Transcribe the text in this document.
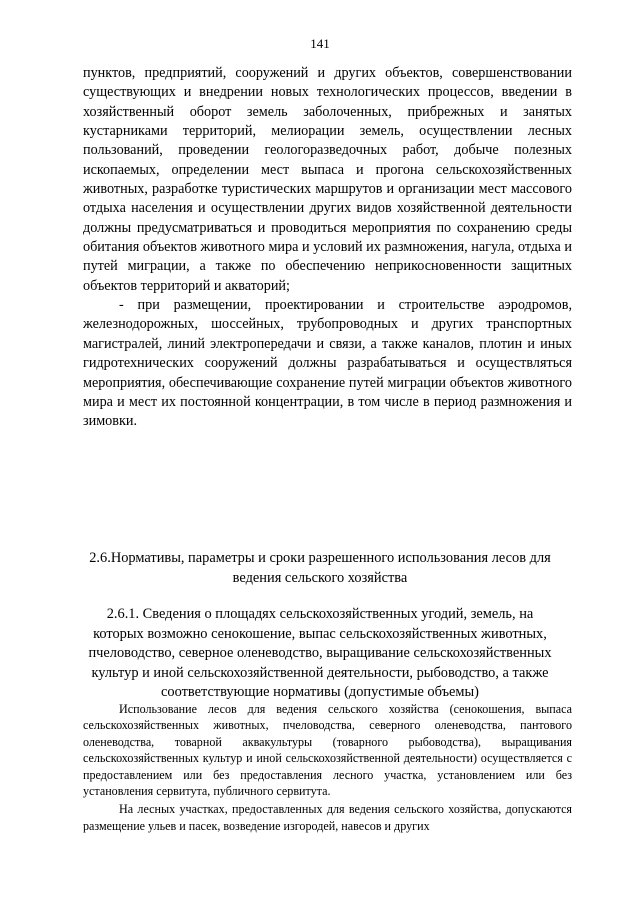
141

пунктов, предприятий, сооружений и других объектов, совершенствовании существующих и внедрении новых технологических процессов, введении в хозяйственный оборот земель заболоченных, прибрежных и занятых кустарниками территорий, мелиорации земель, осуществлении лесных пользований, проведении геологоразведочных работ, добыче полезных ископаемых, определении мест выпаса и прогона сельскохозяйственных животных, разработке туристических маршрутов и организации мест массового отдыха населения и осуществлении других видов хозяйственной деятельности должны предусматриваться и проводиться мероприятия по сохранению среды обитания объектов животного мира и условий их размножения, нагула, отдыха и путей миграции, а также по обеспечению неприкосновенности защитных объектов территорий и акваторий;

- при размещении, проектировании и строительстве аэродромов, железнодорожных, шоссейных, трубопроводных и других транспортных магистралей, линий электропередачи и связи, а также каналов, плотин и иных гидротехнических сооружений должны разрабатываться и осуществляться мероприятия, обеспечивающие сохранение путей миграции объектов животного мира и мест их постоянной концентрации, в том числе в период размножения и зимовки.

2.6.Нормативы, параметры и сроки разрешенного использования лесов для

ведения сельского хозяйства

2.6.1. Сведения о площадях сельскохозяйственных угодий, земель, на

которых возможно сенокошение, выпас сельскохозяйственных животных,

пчеловодство, северное оленеводство, выращивание сельскохозяйственных

культур и иной сельскохозяйственной деятельности, рыбоводство, а также

соответствующие нормативы (допустимые объемы)

Использование лесов для ведения сельского хозяйства (сенокошения, выпаса сельскохозяйственных животных, пчеловодства, северного оленеводства, пантового оленеводства, товарной аквакультуры (товарного рыбоводства), выращивания сельскохозяйственных культур и иной сельскохозяйственной деятельности) осуществляется с предоставлением или без предоставления лесного участка, установлением или без установления сервитута, публичного сервитута.

На лесных участках, предоставленных для ведения сельского хозяйства, допускаются размещение ульев и пасек, возведение изгородей, навесов и других
